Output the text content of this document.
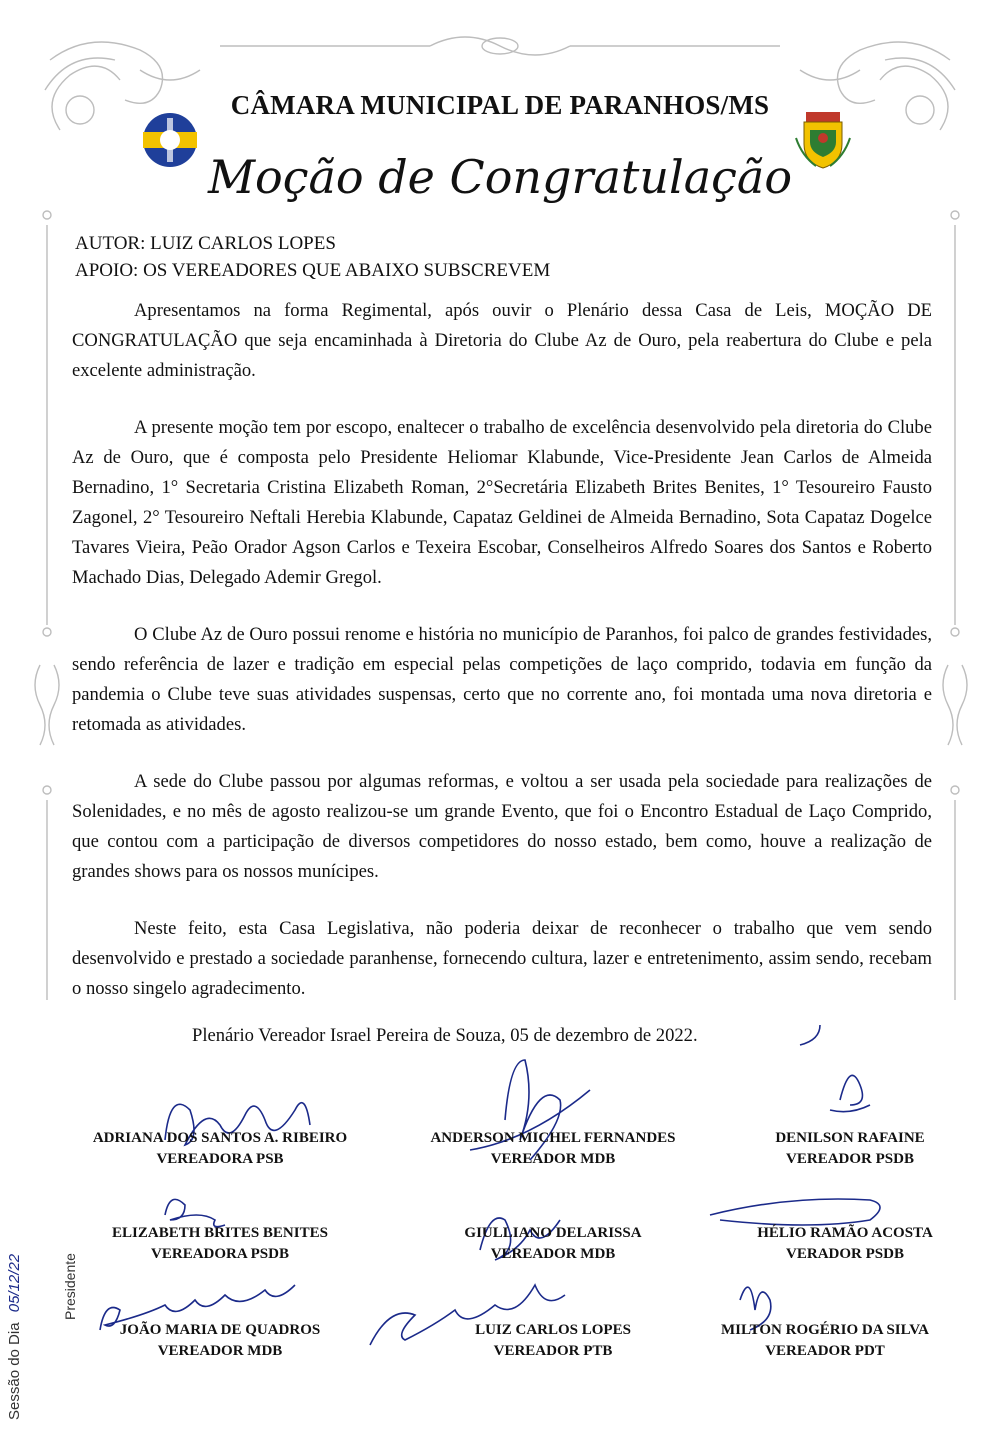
CÂMARA MUNICIPAL DE PARANHOS/MS
Moção de Congratulação
AUTOR: LUIZ CARLOS LOPES
APOIO: OS VEREADORES QUE ABAIXO SUBSCREVEM

Apresentamos na forma Regimental, após ouvir o Plenário dessa Casa de Leis, MOÇÃO DE CONGRATULAÇÃO que seja encaminhada à Diretoria do Clube Az de Ouro, pela reabertura do Clube e pela excelente administração.

A presente moção tem por escopo, enaltecer o trabalho de excelência desenvolvido pela diretoria do Clube Az de Ouro, que é composta pelo Presidente Heliomar Klabunde, Vice-Presidente Jean Carlos de Almeida Bernadino, 1° Secretaria Cristina Elizabeth Roman, 2°Secretária Elizabeth Brites Benites, 1° Tesoureiro Fausto Zagonel, 2° Tesoureiro Neftali Herebia Klabunde, Capataz Geldinei de Almeida Bernadino, Sota Capataz Dogelce Tavares Vieira, Peão Orador Agson Carlos e Texeira Escobar, Conselheiros Alfredo Soares dos Santos e Roberto Machado Dias, Delegado Ademir Gregol.

O Clube Az de Ouro possui renome e história no município de Paranhos, foi palco de grandes festividades, sendo referência de lazer e tradição em especial pelas competições de laço comprido, todavia em função da pandemia o Clube teve suas atividades suspensas, certo que no corrente ano, foi montada uma nova diretoria e retomada as atividades.

A sede do Clube passou por algumas reformas, e voltou a ser usada pela sociedade para realizações de Solenidades, e no mês de agosto realizou-se um grande Evento, que foi o Encontro Estadual de Laço Comprido, que contou com a participação de diversos competidores do nosso estado, bem como, houve a realização de grandes shows para os nossos munícipes.

Neste feito, esta Casa Legislativa, não poderia deixar de reconhecer o trabalho que vem sendo desenvolvido e prestado a sociedade paranhense, fornecendo cultura, lazer e entretenimento, assim sendo, recebam o nosso singelo agradecimento.

Plenário Vereador Israel Pereira de Souza, 05 de dezembro de 2022.
ADRIANA DOS SANTOS A. RIBEIRO
VEREADORA PSB
ANDERSON MICHEL FERNANDES
VEREADOR MDB
DENILSON RAFAINE
VEREADOR PSDB
ELIZABETH BRITES BENITES
VEREADORA PSDB
GIULLIANO DELARISSA
VEREADOR MDB
HÉLIO RAMÃO ACOSTA
VERADOR PSDB
JOÃO MARIA DE QUADROS
VEREADOR MDB
LUIZ CARLOS LOPES
VEREADOR PTB
MILTON ROGÉRIO DA SILVA
VEREADOR PDT
Sessão do Dia 05/12/22	Presidente
